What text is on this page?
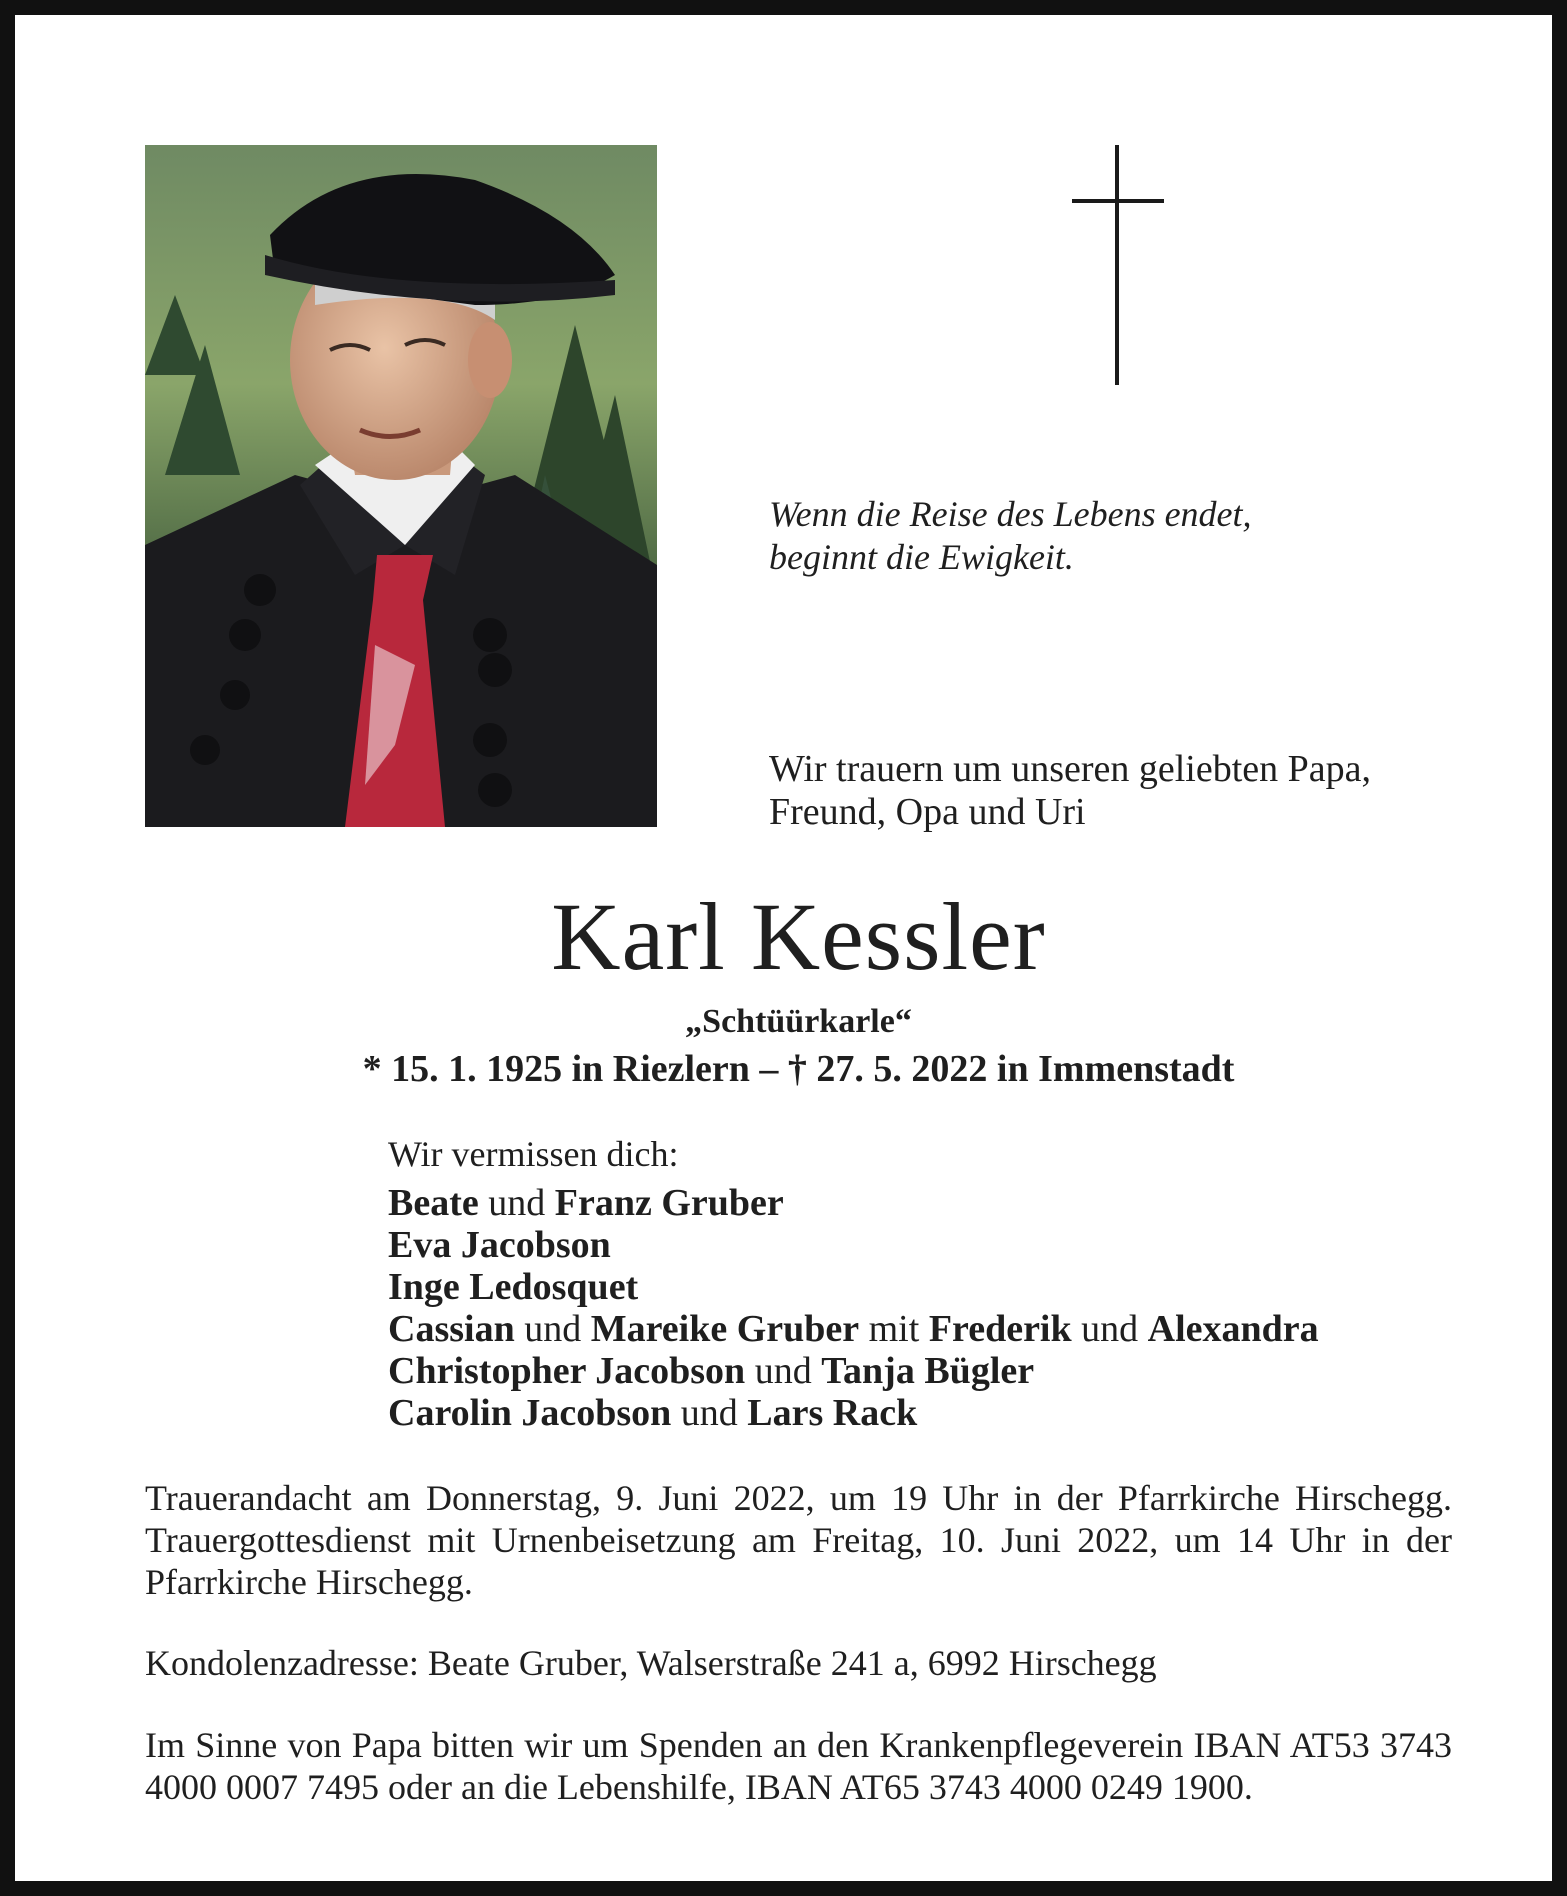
Wenn die Reise des Lebens endet,
beginnt die Ewigkeit.
Wir trauern um unseren geliebten Papa,
Freund, Opa und Uri
Karl Kessler
„Schtüürkarle“
* 15. 1. 1925 in Riezlern – † 27. 5. 2022 in Immenstadt
Wir vermissen dich:
Beate und Franz Gruber
Eva Jacobson
Inge Ledosquet
Cassian und Mareike Gruber mit Frederik und Alexandra
Christopher Jacobson und Tanja Bügler
Carolin Jacobson und Lars Rack
Trauerandacht am Donnerstag, 9. Juni 2022, um 19 Uhr in der Pfarrkirche Hirschegg. Trauergottesdienst mit Urnenbeisetzung am Freitag, 10. Juni 2022, um 14 Uhr in der Pfarrkirche Hirschegg.
Kondolenzadresse: Beate Gruber, Walserstraße 241 a, 6992 Hirschegg
Im Sinne von Papa bitten wir um Spenden an den Krankenpflegeverein IBAN AT53 3743 4000 0007 7495 oder an die Lebenshilfe, IBAN AT65 3743 4000 0249 1900.
